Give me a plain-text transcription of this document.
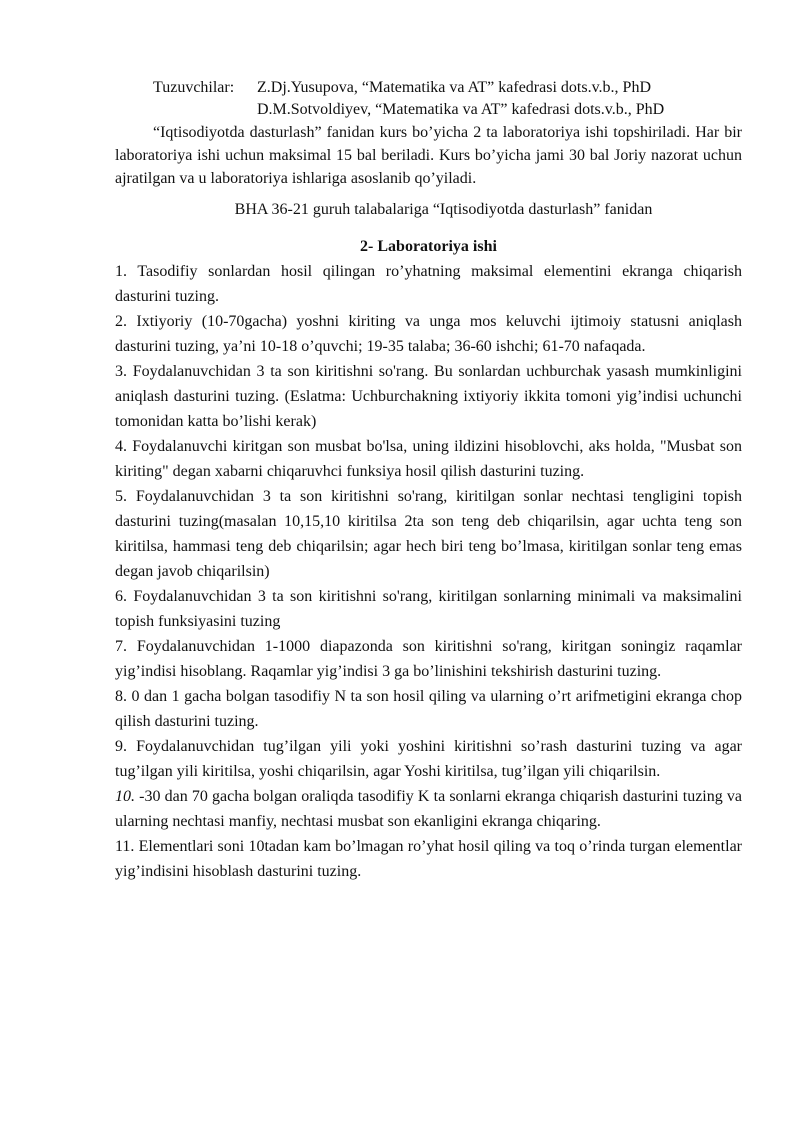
Tuzuvchilar:	Z.Dj.Yusupova, “Matematika va AT” kafedrasi dots.v.b., PhD
D.M.Sotvoldiyev, “Matematika va AT” kafedrasi dots.v.b., PhD

“Iqtisodiyotda dasturlash” fanidan kurs bo’yicha 2 ta laboratoriya ishi topshiriladi. Har bir laboratoriya ishi uchun maksimal 15 bal beriladi. Kurs bo’yicha jami 30 bal Joriy nazorat uchun ajratilgan va u laboratoriya ishlariga asoslanib qo’yiladi.

BHA 36-21 guruh talabalariga “Iqtisodiyotda dasturlash” fanidan

2- Laboratoriya ishi

1. Tasodifiy sonlardan hosil qilingan ro’yhatning maksimal elementini ekranga chiqarish dasturini tuzing.

2. Ixtiyoriy (10-70gacha) yoshni kiriting va unga mos keluvchi ijtimoiy statusni aniqlash dasturini tuzing, ya’ni 10-18 o’quvchi; 19-35 talaba; 36-60 ishchi; 61-70 nafaqada.

3. Foydalanuvchidan 3 ta son kiritishni so'rang. Bu sonlardan uchburchak yasash mumkinligini aniqlash dasturini tuzing. (Eslatma: Uchburchakning ixtiyoriy ikkita tomoni yig’indisi uchunchi tomonidan katta bo’lishi kerak)

4. Foydalanuvchi kiritgan son musbat bo'lsa, uning ildizini hisoblovchi, aks holda, "Musbat son kiriting" degan xabarni chiqaruvhci funksiya hosil qilish dasturini tuzing.

5. Foydalanuvchidan 3 ta son kiritishni so'rang, kiritilgan sonlar nechtasi tengligini topish dasturini tuzing(masalan 10,15,10 kiritilsa 2ta son teng deb chiqarilsin, agar uchta teng son kiritilsa, hammasi teng deb chiqarilsin; agar hech biri teng bo’lmasa, kiritilgan sonlar teng emas degan javob chiqarilsin)

6. Foydalanuvchidan 3 ta son kiritishni so'rang, kiritilgan sonlarning minimali va maksimalini topish funksiyasini tuzing

7. Foydalanuvchidan 1-1000 diapazonda son kiritishni so'rang, kiritgan soningiz raqamlar yig’indisi hisoblang. Raqamlar yig’indisi 3 ga bo’linishini tekshirish dasturini tuzing.

8. 0 dan 1 gacha bolgan tasodifiy N ta son hosil qiling va ularning o’rt arifmetigini ekranga chop qilish dasturini tuzing.

9. Foydalanuvchidan tug’ilgan yili yoki yoshini kiritishni so’rash dasturini tuzing va agar tug’ilgan yili kiritilsa, yoshi chiqarilsin, agar Yoshi kiritilsa, tug’ilgan yili chiqarilsin.

10. -30 dan 70 gacha bolgan oraliqda tasodifiy K ta sonlarni ekranga chiqarish dasturini tuzing va ularning nechtasi manfiy, nechtasi musbat son ekanligini ekranga chiqaring.

11. Elementlari soni 10tadan kam bo’lmagan ro’yhat hosil qiling va toq o’rinda turgan elementlar yig’indisini hisoblash dasturini tuzing.
